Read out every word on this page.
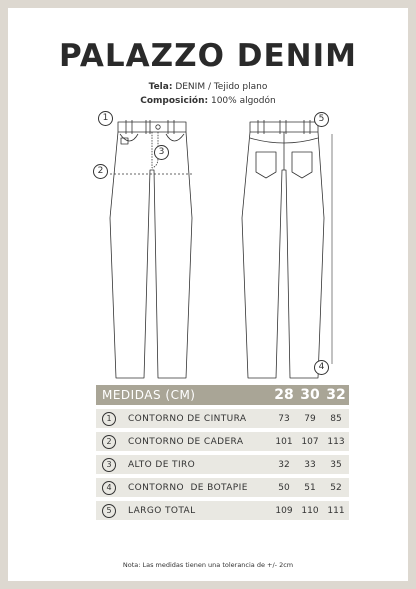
PALAZZO DENIM
Tela: DENIM / Tejido plano
Composición: 100% algodón
1
2
3
4
5
MEDIDAS (CM)	28 30 32
1	CONTORNO DE CINTURA	73	79	85
2	CONTORNO DE CADERA	101 107 113
3	ALTO DE TIRO	32	33	35
4	CONTORNO  DE BOTAPIE	50	51	52
5	LARGO TOTAL	109 110 111
Nota: Las medidas tienen una tolerancia de +/- 2cm
